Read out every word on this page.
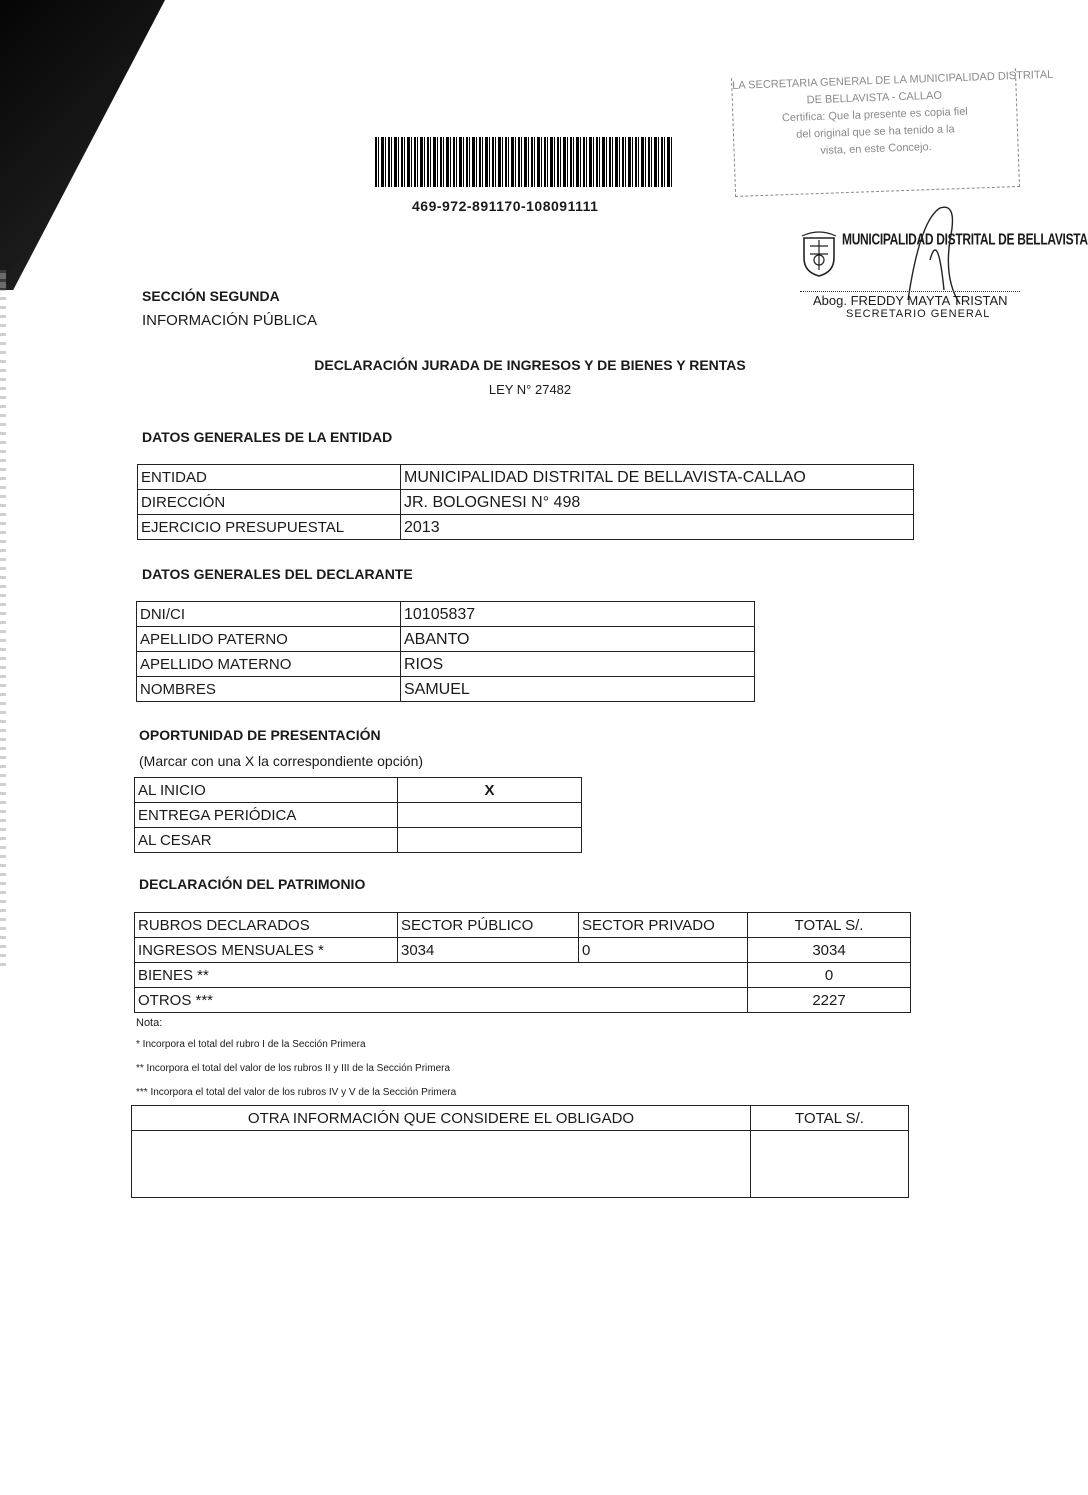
469-972-891170-108091111
LA SECRETARIA GENERAL DE LA MUNICIPALIDAD DISTRITAL
DE BELLAVISTA - CALLAO
Certifica: Que la presente es copia fiel
del original que se ha tenido a la
vista, en este Concejo.
MUNICIPALIDAD DISTRITAL DE BELLAVISTA
Abog. FREDDY MAYTA TRISTAN
SECRETARIO GENERAL
SECCIÓN SEGUNDA
INFORMACIÓN PÚBLICA
DECLARACIÓN JURADA DE INGRESOS Y DE BIENES Y RENTAS
LEY N° 27482
DATOS GENERALES DE LA ENTIDAD
ENTIDAD	MUNICIPALIDAD DISTRITAL DE BELLAVISTA-CALLAO
DIRECCIÓN	JR. BOLOGNESI N° 498
EJERCICIO PRESUPUESTAL	2013
DATOS GENERALES DEL DECLARANTE
DNI/CI	10105837
APELLIDO PATERNO	ABANTO
APELLIDO MATERNO	RIOS
NOMBRES	SAMUEL
OPORTUNIDAD DE PRESENTACIÓN
(Marcar con una X la correspondiente opción)
AL INICIO	X
ENTREGA PERIÓDICA	
AL CESAR	
DECLARACIÓN DEL PATRIMONIO
RUBROS DECLARADOS	SECTOR PÚBLICO	SECTOR PRIVADO	TOTAL S/.
INGRESOS MENSUALES *	3034	0	3034
BIENES **			0
OTROS ***			2227
Nota:
* Incorpora el total del rubro I de la Sección Primera
** Incorpora el total del valor de los rubros II y III de la Sección Primera
*** Incorpora el total del valor de los rubros IV y V de la Sección Primera
OTRA INFORMACIÓN QUE CONSIDERE EL OBLIGADO	TOTAL S/.
